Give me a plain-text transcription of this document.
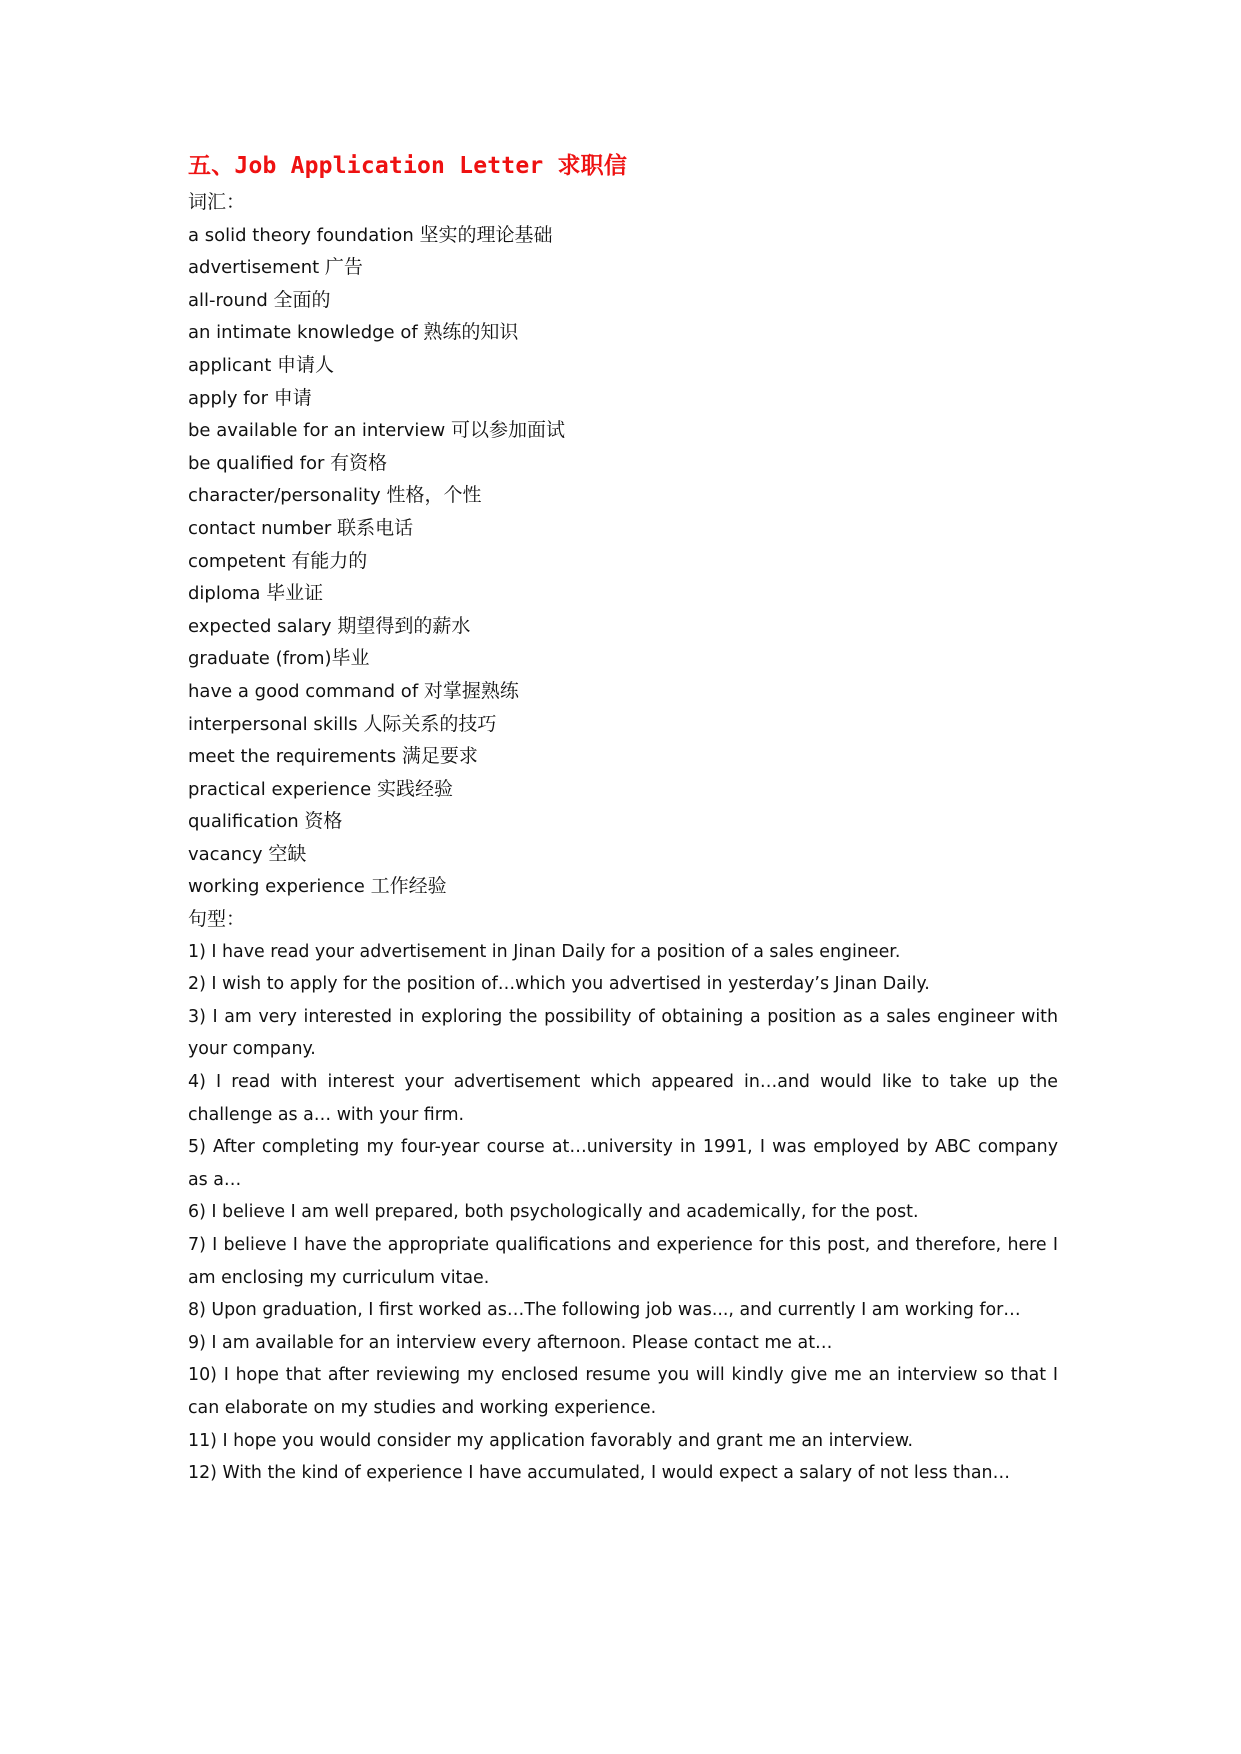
五、Job Application Letter 求职信
词汇：
a solid theory foundation 坚实的理论基础
advertisement 广告
all-round 全面的
an intimate knowledge of 熟练的知识
applicant 申请人
apply for 申请
be available for an interview 可以参加面试
be qualified for 有资格
character/personality 性格，个性
contact number 联系电话
competent 有能力的
diploma 毕业证
expected salary 期望得到的薪水
graduate (from)毕业
have a good command of 对掌握熟练
interpersonal skills 人际关系的技巧
meet the requirements 满足要求
practical experience 实践经验
qualification 资格
vacancy 空缺
working experience 工作经验
句型：
1) I have read your advertisement in Jinan Daily for a position of a sales engineer.
2) I wish to apply for the position of…which you advertised in yesterday’s Jinan Daily.
3) I am very interested in exploring the possibility of obtaining a position as a sales engineer with your company.
4) I read with interest your advertisement which appeared in…and would like to take up the challenge as a… with your firm.
5) After completing my four-year course at…university in 1991, I was employed by ABC company as a…
6) I believe I am well prepared, both psychologically and academically, for the post.
7) I believe I have the appropriate qualifications and experience for this post, and therefore, here I am enclosing my curriculum vitae.
8) Upon graduation, I first worked as…The following job was..., and currently I am working for…
9) I am available for an interview every afternoon. Please contact me at…
10) I hope that after reviewing my enclosed resume you will kindly give me an interview so that I can elaborate on my studies and working experience.
11) I hope you would consider my application favorably and grant me an interview.
12) With the kind of experience I have accumulated, I would expect a salary of not less than…
